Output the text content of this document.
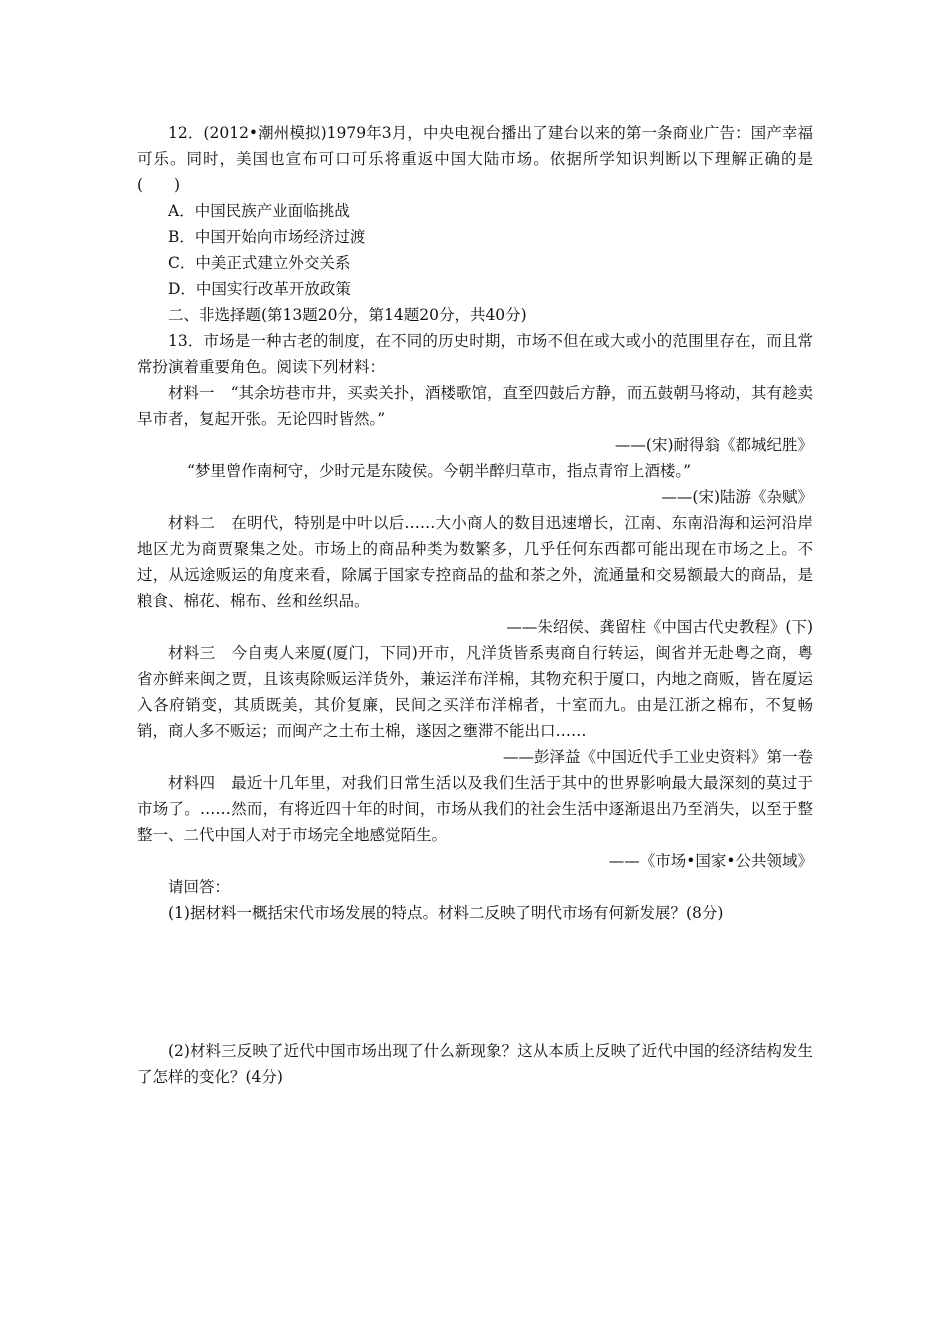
12．(2012•潮州模拟)1979年3月，中央电视台播出了建台以来的第一条商业广告：国产幸福可乐。同时，美国也宣布可口可乐将重返中国大陆市场。依据所学知识判断以下理解正确的是(　　)

A．中国民族产业面临挑战

B．中国开始向市场经济过渡

C．中美正式建立外交关系

D．中国实行改革开放政策

二、非选择题(第13题20分，第14题20分，共40分)

13．市场是一种古老的制度，在不同的历史时期，市场不但在或大或小的范围里存在，而且常常扮演着重要角色。阅读下列材料：

材料一 “其余坊巷市井，买卖关扑，酒楼歌馆，直至四鼓后方静，而五鼓朝马将动，其有趁卖早市者，复起开张。无论四时皆然。”

——(宋)耐得翁《都城纪胜》

“梦里曾作南柯守，少时元是东陵侯。今朝半醉归草市，指点青帘上酒楼。”

——(宋)陆游《杂赋》

材料二 在明代，特别是中叶以后……大小商人的数目迅速增长，江南、东南沿海和运河沿岸地区尤为商贾聚集之处。市场上的商品种类为数繁多，几乎任何东西都可能出现在市场之上。不过，从远途贩运的角度来看，除属于国家专控商品的盐和茶之外，流通量和交易额最大的商品，是粮食、棉花、棉布、丝和丝织品。

——朱绍侯、龚留柱《中国古代史教程》(下)

材料三 今自夷人来厦(厦门，下同)开市，凡洋货皆系夷商自行转运，闽省并无赴粤之商，粤省亦鲜来闽之贾，且该夷除贩运洋货外，兼运洋布洋棉，其物充积于厦口，内地之商贩，皆在厦运入各府销变，其质既美，其价复廉，民间之买洋布洋棉者，十室而九。由是江浙之棉布，不复畅销，商人多不贩运；而闽产之土布土棉，遂因之壅滞不能出口……

——彭泽益《中国近代手工业史资料》第一卷

材料四 最近十几年里，对我们日常生活以及我们生活于其中的世界影响最大最深刻的莫过于市场了。……然而，有将近四十年的时间，市场从我们的社会生活中逐渐退出乃至消失，以至于整整一、二代中国人对于市场完全地感觉陌生。

——《市场•国家•公共领域》

请回答：

(1)据材料一概括宋代市场发展的特点。材料二反映了明代市场有何新发展？(8分)

(2)材料三反映了近代中国市场出现了什么新现象？这从本质上反映了近代中国的经济结构发生了怎样的变化？(4分)
